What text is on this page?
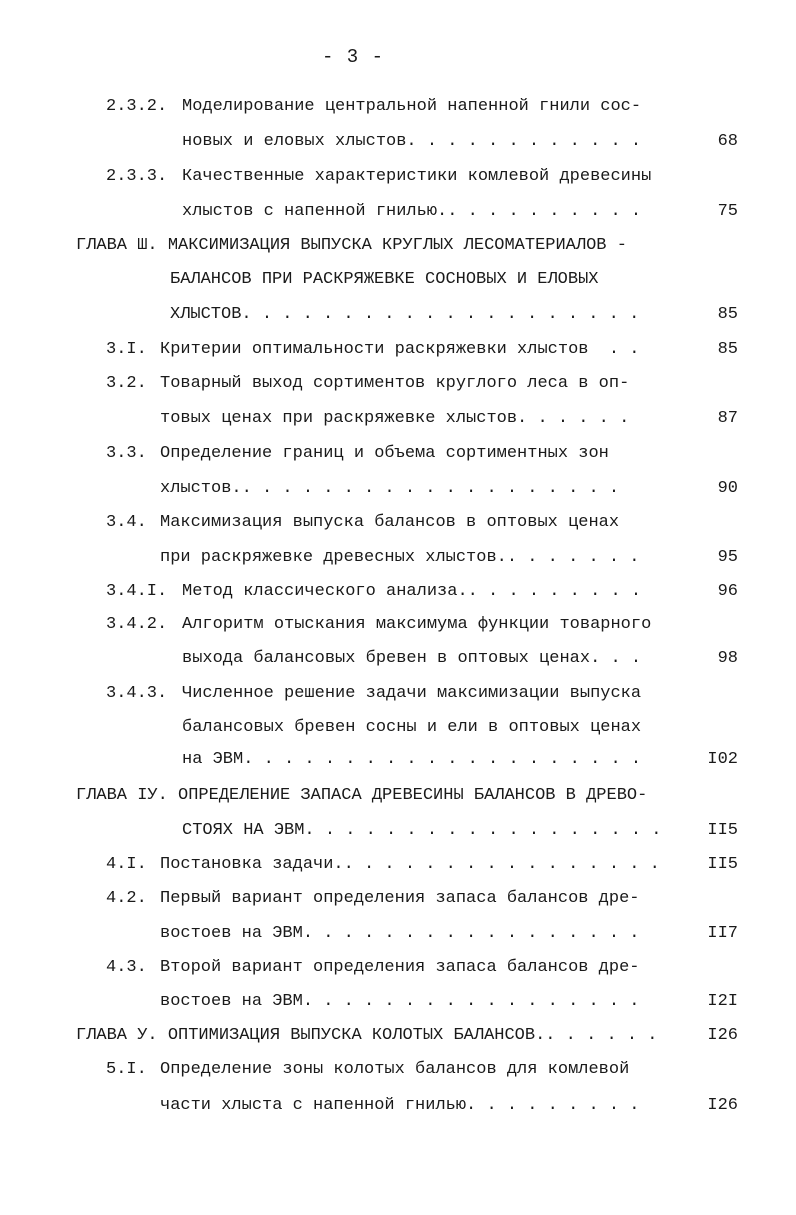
- 3 -
2.3.2. Моделирование центральной напенной гнили сос-
новых и еловых хлыстов. . . . . . . . . . . .	68
2.3.3. Качественные характеристики комлевой древесины
хлыстов с напенной гнилью.. . . . . . . . . .	75
ГЛАВА Ш. МАКСИМИЗАЦИЯ ВЫПУСКА КРУГЛЫХ ЛЕСОМАТЕРИАЛОВ -
БАЛАНСОВ ПРИ РАСКРЯЖЕВКЕ СОСНОВЫХ И ЕЛОВЫХ
ХЛЫСТОВ. . . . . . . . . . . . . . . . . . . .	85
3.I. Критерии оптимальности раскряжевки хлыстов  . .	85
3.2. Товарный выход сортиментов круглого леса в оп-
товых ценах при раскряжевке хлыстов. . . . . .	87
3.3. Определение границ и объема сортиментных зон
хлыстов.. . . . . . . . . . . . . . . . . . .	90
3.4. Максимизация выпуска балансов в оптовых ценах
при раскряжевке древесных хлыстов.. . . . . . .	95
3.4.I. Метод классического анализа.. . . . . . . . .	96
3.4.2. Алгоритм отыскания максимума функции товарного
выхода балансовых бревен в оптовых ценах. . .	98
3.4.3. Численное решение задачи максимизации выпуска
балансовых бревен сосны и ели в оптовых ценах
на ЭВМ. . . . . . . . . . . . . . . . . . . .	I02
ГЛАВА IУ. ОПРЕДЕЛЕНИЕ ЗАПАСА ДРЕВЕСИНЫ БАЛАНСОВ В ДРЕВО-
СТОЯХ НА ЭВМ. . . . . . . . . . . . . . . . . .	II5
4.I. Постановка задачи.. . . . . . . . . . . . . . . .	II5
4.2. Первый вариант определения запаса балансов дре-
востоев на ЭВМ. . . . . . . . . . . . . . . . .	II7
4.3. Второй вариант определения запаса балансов дре-
востоев на ЭВМ. . . . . . . . . . . . . . . . .	I2I
ГЛАВА У. ОПТИМИЗАЦИЯ ВЫПУСКА КОЛОТЫХ БАЛАНСОВ.. . . . . .	I26
5.I. Определение зоны колотых балансов для комлевой
части хлыста с напенной гнилью. . . . . . . . .	I26
